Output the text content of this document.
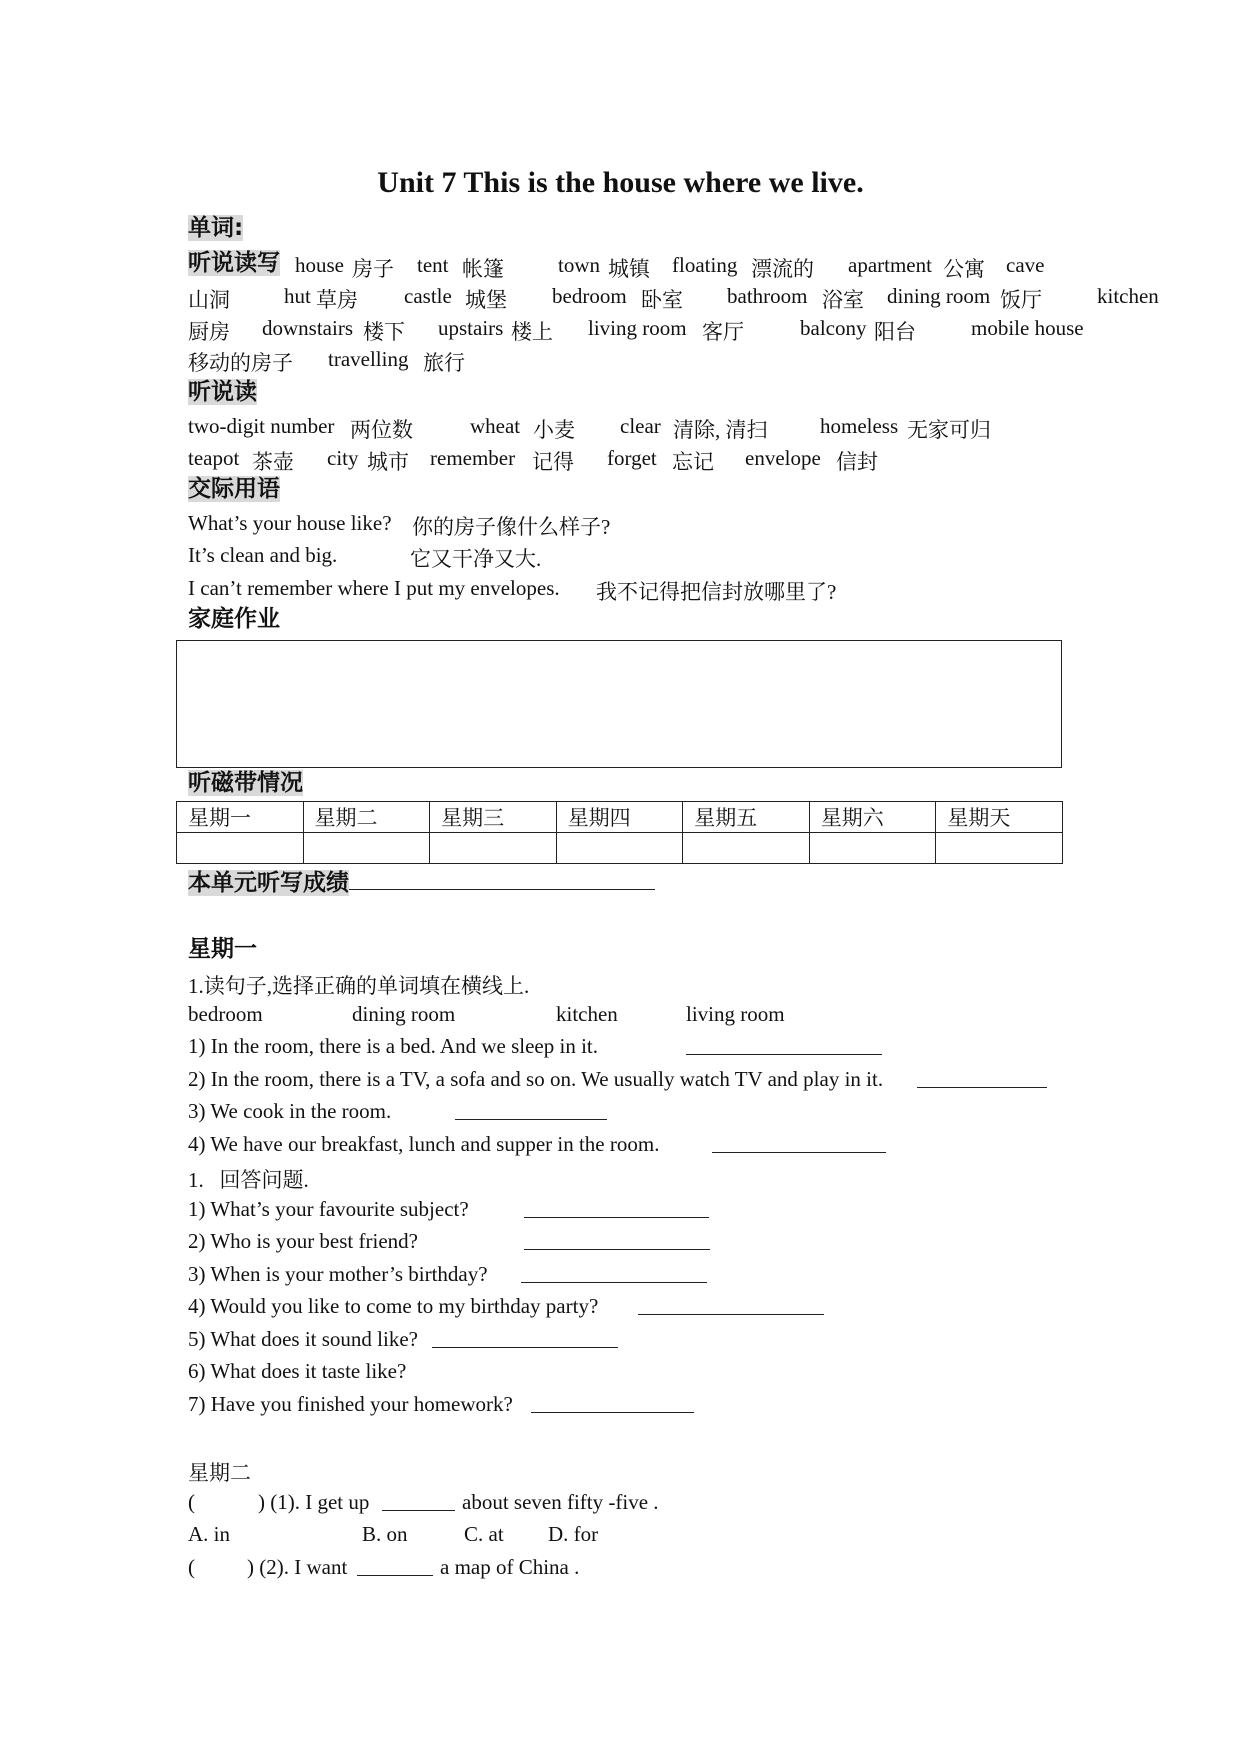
Unit 7 This is the house where we live.
单词:
听说读写 house 房子 tent 帐篷	town 城镇 floating 漂流的 apartment 公寓 cave
山洞	hut 草房 castle 城堡 bedroom 卧室 bathroom 浴室 dining room 饭厅	kitchen
厨房 downstairs 楼下 upstairs 楼上 living room 客厅	balcony 阳台	mobile house
移动的房子 travelling 旅行
听说读
two-digit number 两位数	wheat 小麦 clear 清除, 清扫	homeless 无家可归
teapot 茶壶 city 城市 remember 记得 forget 忘记 envelope 信封
交际用语
What’s your house like? 你的房子像什么样子?
It’s clean and big.	它又干净又大.
I can’t remember where I put my envelopes. 我不记得把信封放哪里了?
家庭作业
听磁带情况
星期一	星期二	星期三	星期四	星期五	星期六	星期天

本单元听写成绩
星期一
1.读句子,选择正确的单词填在横线上.
bedroom	dining room	kitchen	living room
1) In the room, there is a bed. And we sleep in it.
2) In the room, there is a TV, a sofa and so on. We usually watch TV and play in it.
3) We cook in the room.
4) We have our breakfast, lunch and supper in the room.
1.   回答问题.
1) What’s your favourite subject?
2) Who is your best friend?
3) When is your mother’s birthday?
4) Would you like to come to my birthday party?
5) What does it sound like?
6) What does it taste like?
7) Have you finished your homework?
星期二
(	) (1). I get up	about seven fifty -five .
A. in	B. on	C. at D. for
( ) (2). I want	a map of China .
